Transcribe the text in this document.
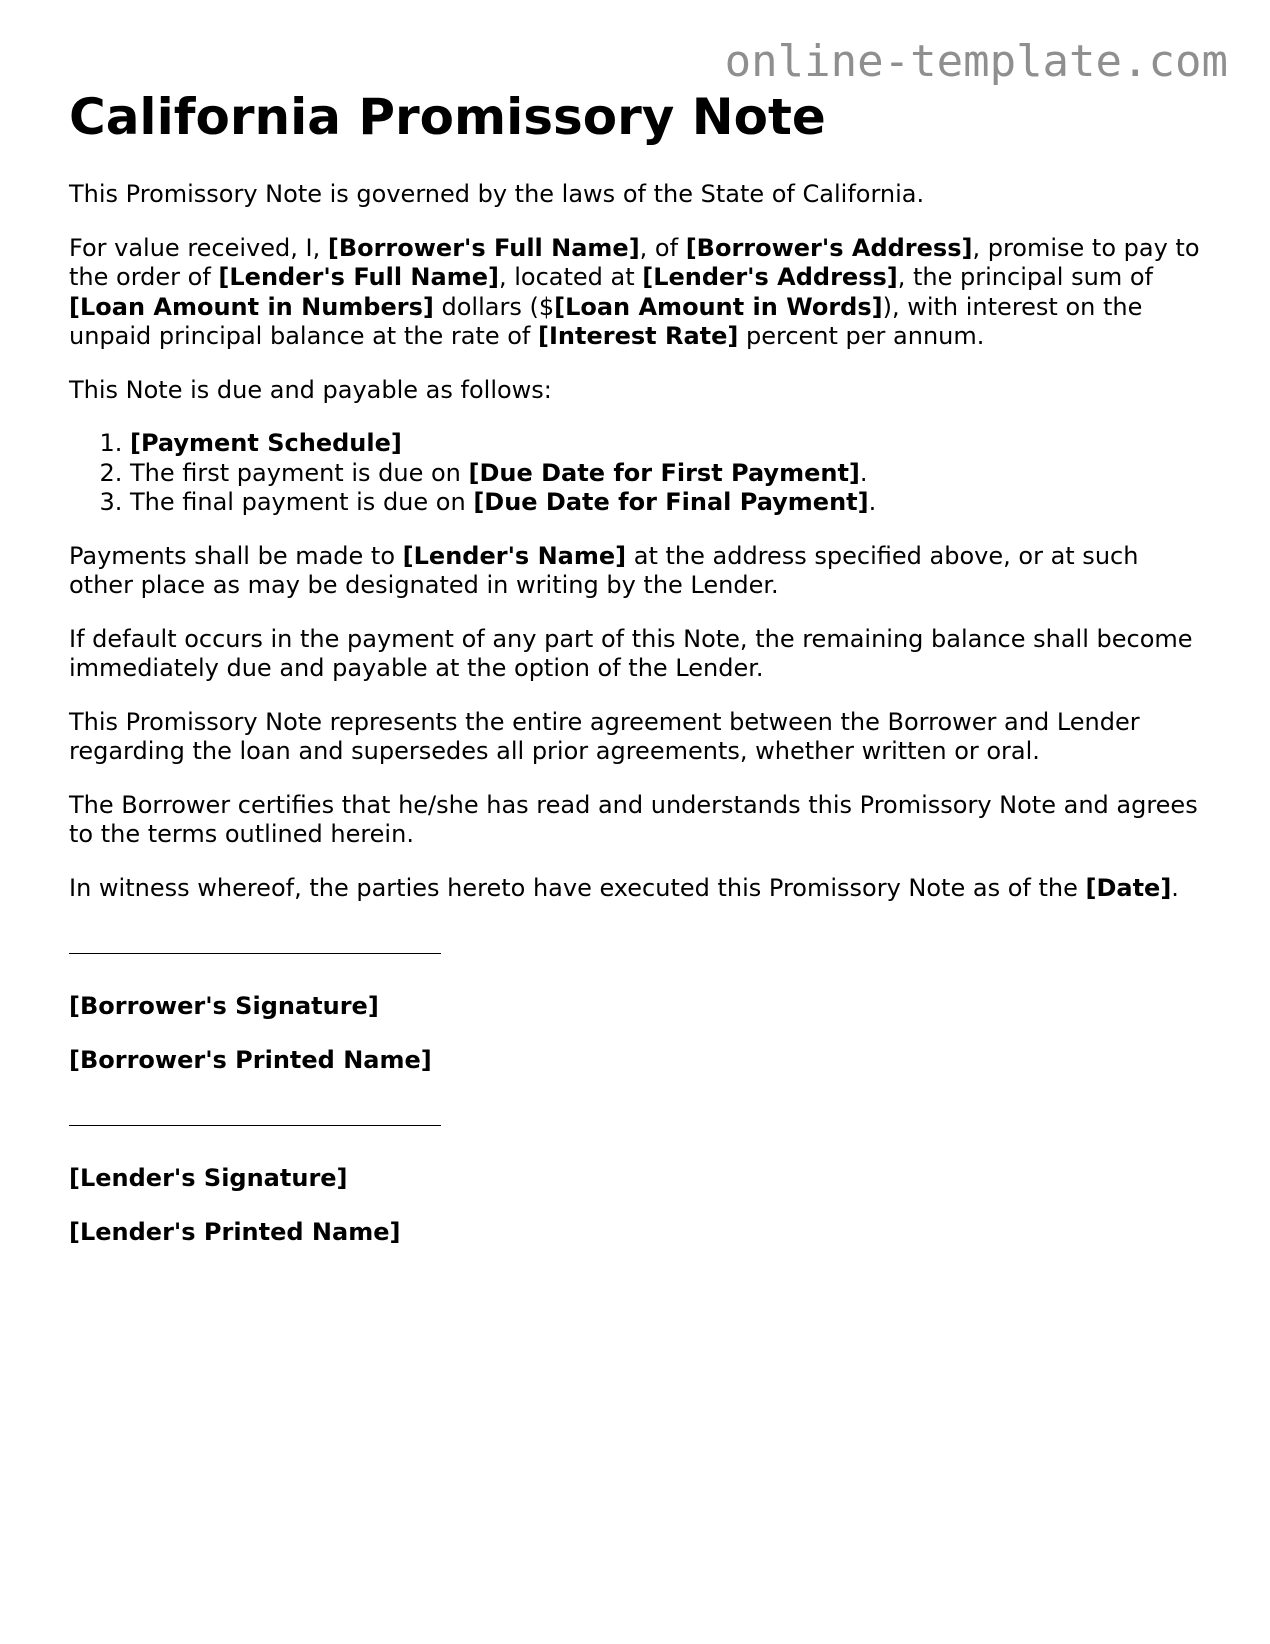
online-template.com
California Promissory Note

This Promissory Note is governed by the laws of the State of California.

For value received, I, [Borrower's Full Name], of [Borrower's Address], promise to pay to the order of [Lender's Full Name], located at [Lender's Address], the principal sum of [Loan Amount in Numbers] dollars ($[Loan Amount in Words]), with interest on the unpaid principal balance at the rate of [Interest Rate] percent per annum.

This Note is due and payable as follows:

1. [Payment Schedule]
2. The first payment is due on [Due Date for First Payment].
3. The final payment is due on [Due Date for Final Payment].

Payments shall be made to [Lender's Name] at the address specified above, or at such other place as may be designated in writing by the Lender.

If default occurs in the payment of any part of this Note, the remaining balance shall become immediately due and payable at the option of the Lender.

This Promissory Note represents the entire agreement between the Borrower and Lender regarding the loan and supersedes all prior agreements, whether written or oral.

The Borrower certifies that he/she has read and understands this Promissory Note and agrees to the terms outlined herein.

In witness whereof, the parties hereto have executed this Promissory Note as of the [Date].

[Borrower's Signature]

[Borrower's Printed Name]

[Lender's Signature]

[Lender's Printed Name]
